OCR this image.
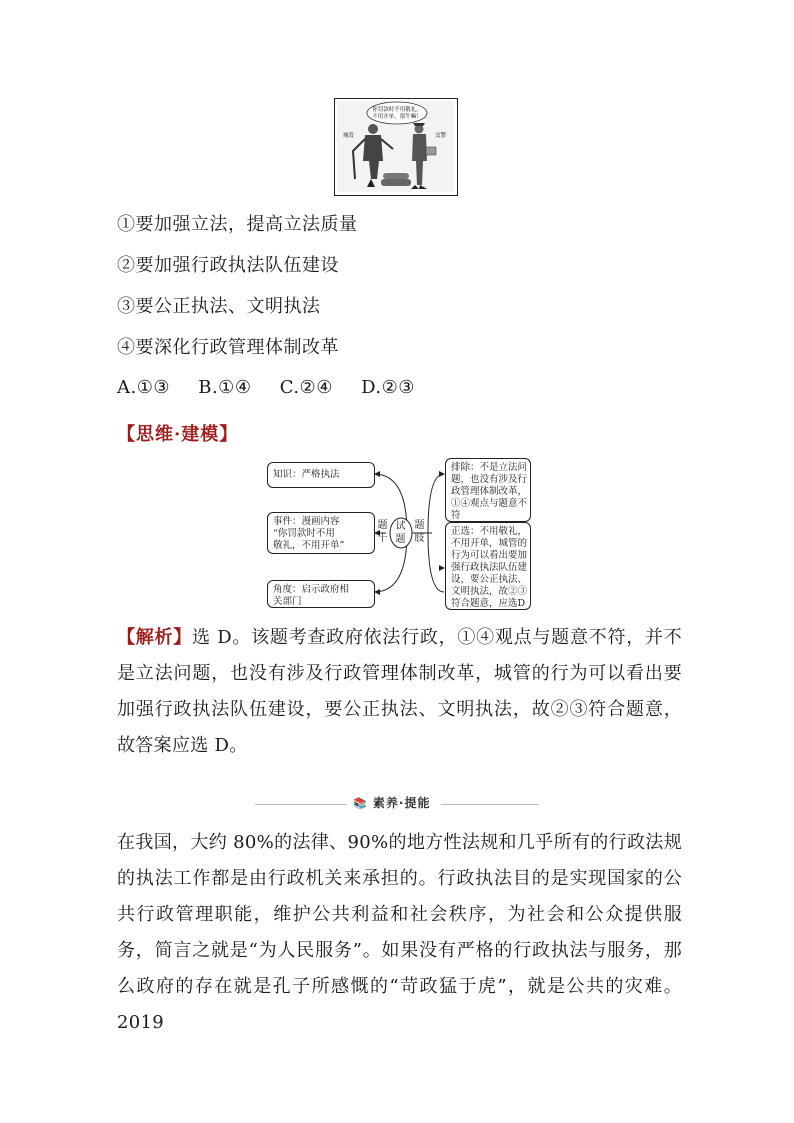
你罚款时不用敬礼，
不用开单，很牛嘛！
城管	交警
①要加强立法，提高立法质量
②要加强行政执法队伍建设
③要公正执法、文明执法
④要深化行政管理体制改革
A.①③ B.①④ C.②④ D.②③
【思维·建模】
知识：严格执法
事件：漫画内容
“你罚款时不用
敬礼，不用开单”
角度：启示政府相
关部门
题干
试题
题肢
排除：不是立法问
题，也没有涉及行
政管理体制改革，
①④观点与题意不
符
正选：不用敬礼，
不用开单，城管的
行为可以看出要加
强行政执法队伍建
设，要公正执法、
文明执法，故②③
符合题意，应选D
【解析】选 D。该题考查政府依法行政，①④观点与题意不符，并不是立法问题，也没有涉及行政管理体制改革，城管的行为可以看出要加强行政执法队伍建设，要公正执法、文明执法，故②③符合题意，故答案应选 D。
📚 素养·提能
在我国，大约 80%的法律、90%的地方性法规和几乎所有的行政法规的执法工作都是由行政机关来承担的。行政执法目的是实现国家的公共行政管理职能，维护公共利益和社会秩序，为社会和公众提供服务，简言之就是“为人民服务”。如果没有严格的行政执法与服务，那么政府的存在就是孔子所感慨的“苛政猛于虎”，就是公共的灾难。2019
